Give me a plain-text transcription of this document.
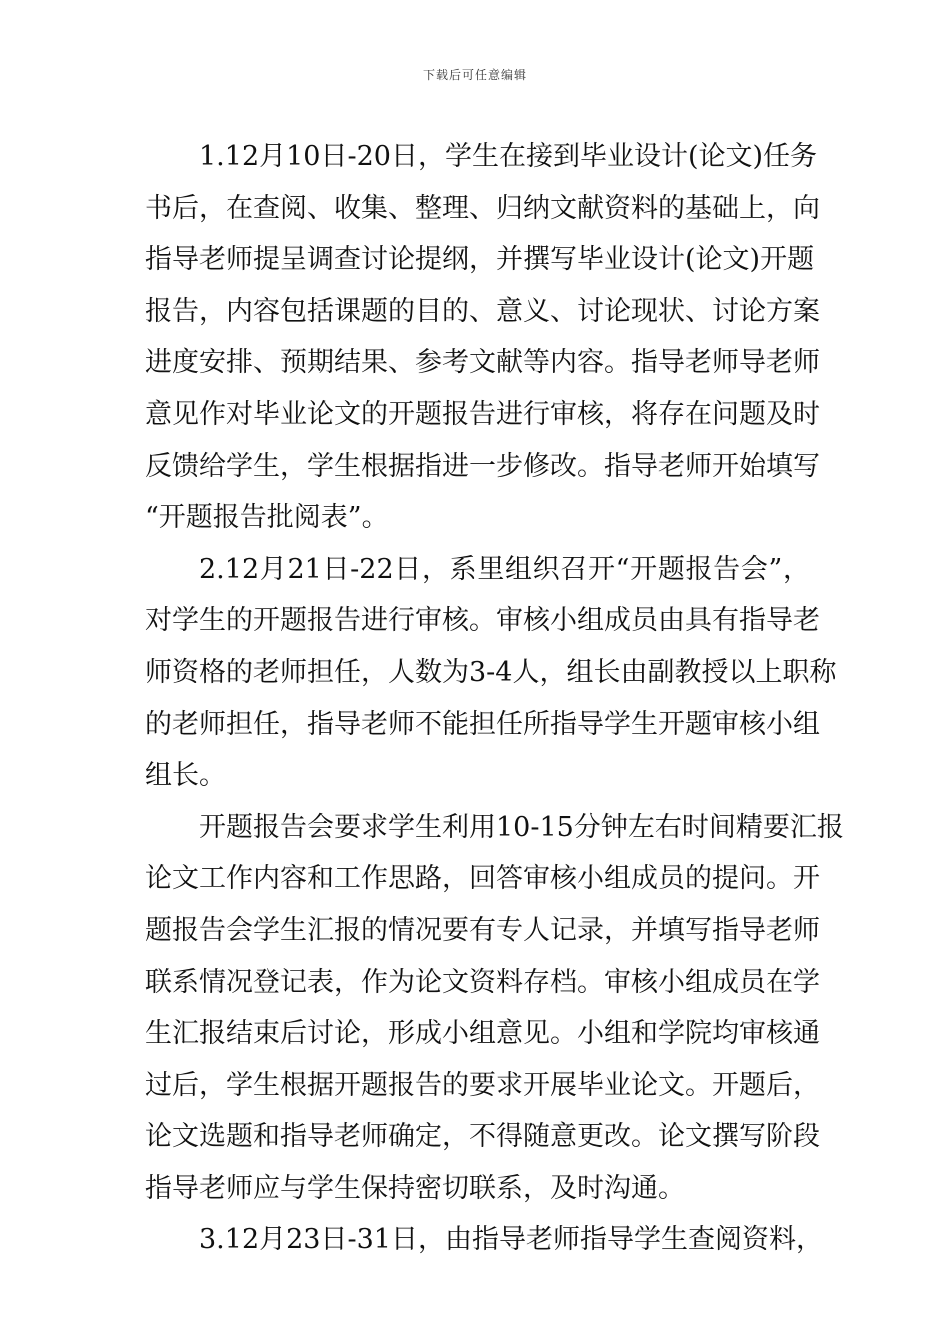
下载后可任意编辑
1.12月10日-20日，学生在接到毕业设计(论文)任务
书后，在查阅、收集、整理、归纳文献资料的基础上，向
指导老师提呈调查讨论提纲，并撰写毕业设计(论文)开题
报告，内容包括课题的目的、意义、讨论现状、讨论方案
进度安排、预期结果、参考文献等内容。指导老师导老师
意见作对毕业论文的开题报告进行审核，将存在问题及时
反馈给学生，学生根据指进一步修改。指导老师开始填写
“开题报告批阅表”。
2.12月21日-22日，系里组织召开“开题报告会”，
对学生的开题报告进行审核。审核小组成员由具有指导老
师资格的老师担任，人数为3-4人，组长由副教授以上职称
的老师担任，指导老师不能担任所指导学生开题审核小组
组长。
开题报告会要求学生利用10-15分钟左右时间精要汇报
论文工作内容和工作思路，回答审核小组成员的提问。开
题报告会学生汇报的情况要有专人记录，并填写指导老师
联系情况登记表，作为论文资料存档。审核小组成员在学
生汇报结束后讨论，形成小组意见。小组和学院均审核通
过后，学生根据开题报告的要求开展毕业论文。开题后，
论文选题和指导老师确定，不得随意更改。论文撰写阶段
指导老师应与学生保持密切联系，及时沟通。
3.12月23日-31日，由指导老师指导学生查阅资料，
